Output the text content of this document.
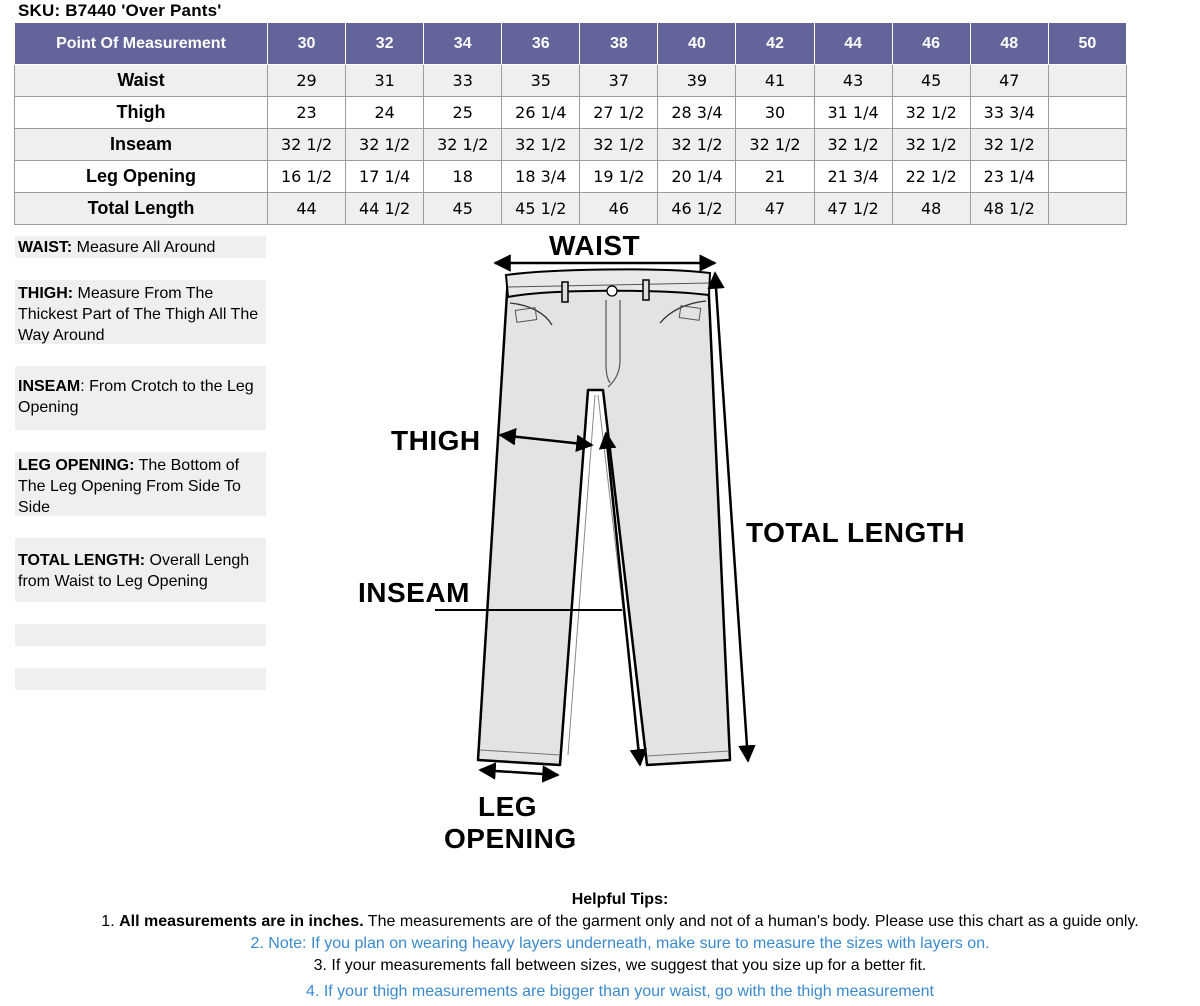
SKU: B7440 'Over Pants'
Point Of Measurement	30	32	34	36	38	40	42	44	46	48	50
Waist	29	31	33	35	37	39	41	43	45	47	
Thigh	23	24	25	26 1/4	27 1/2	28 3/4	30	31 1/4	32 1/2	33 3/4	
Inseam	32 1/2	32 1/2	32 1/2	32 1/2	32 1/2	32 1/2	32 1/2	32 1/2	32 1/2	32 1/2	
Leg Opening	16 1/2	17 1/4	18	18 3/4	19 1/2	20 1/4	21	21 3/4	22 1/2	23 1/4	
Total Length	44	44 1/2	45	45 1/2	46	46 1/2	47	47 1/2	48	48 1/2	
WAIST: Measure All Around
THIGH: Measure From The Thickest Part of The Thigh All The Way Around
INSEAM: From Crotch to the Leg Opening
LEG OPENING: The Bottom of The Leg Opening From Side To Side
TOTAL LENGTH: Overall Lengh from Waist to Leg Opening
WAIST
THIGH
INSEAM
TOTAL LENGTH
LEG
OPENING
Helpful Tips:
1. All measurements are in inches. The measurements are of the garment only and not of a human's body. Please use this chart as a guide only.
2. Note: If you plan on wearing heavy layers underneath, make sure to measure the sizes with layers on.
3. If your measurements fall between sizes, we suggest that you size up for a better fit.
4. If your thigh measurements are bigger than your waist, go with the thigh measurement
